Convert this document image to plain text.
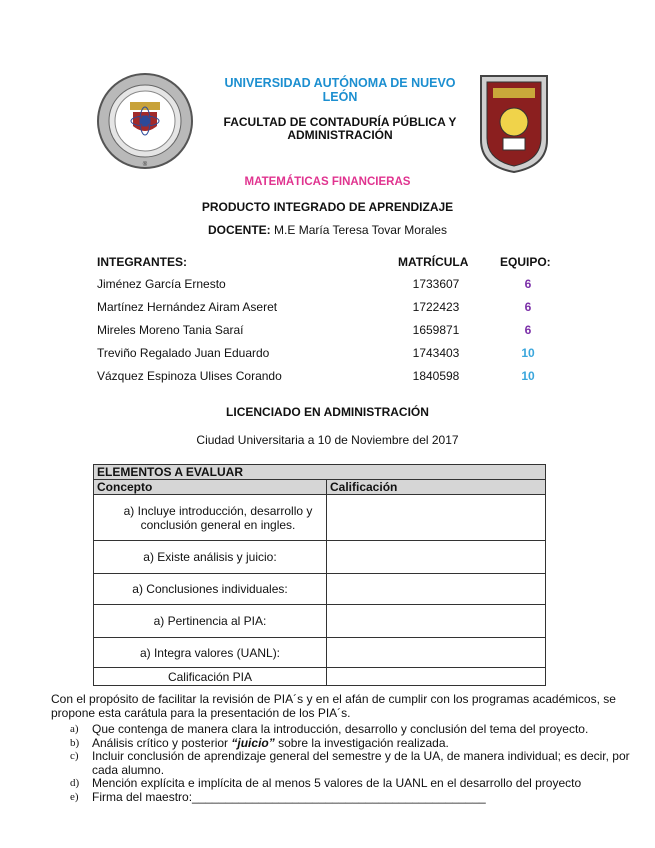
®
UNIVERSIDAD AUTÓNOMA DE NUEVO LEÓN
FACULTAD DE CONTADURÍA PÚBLICA Y ADMINISTRACIÓN
MATEMÁTICAS FINANCIERAS
PRODUCTO INTEGRADO DE APRENDIZAJE
DOCENTE: M.E María Teresa Tovar Morales
INTEGRANTES:	MATRÍCULA	EQUIPO:
Jiménez García Ernesto	1733607	6
Martínez Hernández Airam Aseret	1722423	6
Mireles Moreno Tania Saraí	1659871	6
Treviño Regalado Juan Eduardo	1743403	10
Vázquez Espinoza Ulises Corando	1840598	10
LICENCIADO EN ADMINISTRACIÓN
Ciudad Universitaria a 10 de Noviembre del 2017
ELEMENTOS A EVALUAR	
Concepto	Calificación

a) Incluye introducción, desarrollo y conclusión general en ingles.	

a) Existe análisis y juicio:	
a) Conclusiones individuales:	
a) Pertinencia al PIA:	
a) Integra valores (UANL):	
Calificación PIA	
Con el propósito de facilitar la revisión de PIA´s y en el afán de cumplir con los programas académicos, se propone esta carátula para la presentación de los PIA´s.
a) Que contenga de manera clara la introducción, desarrollo y conclusión del tema del proyecto.
b) Análisis crítico y posterior “juicio” sobre la investigación realizada.
c) Incluir conclusión de aprendizaje general del semestre y de la UA, de manera individual; es decir, por cada alumno.
d) Mención explícita e implícita de al menos 5 valores de la UANL en el desarrollo del proyecto
e) Firma del maestro:____________________________________________
